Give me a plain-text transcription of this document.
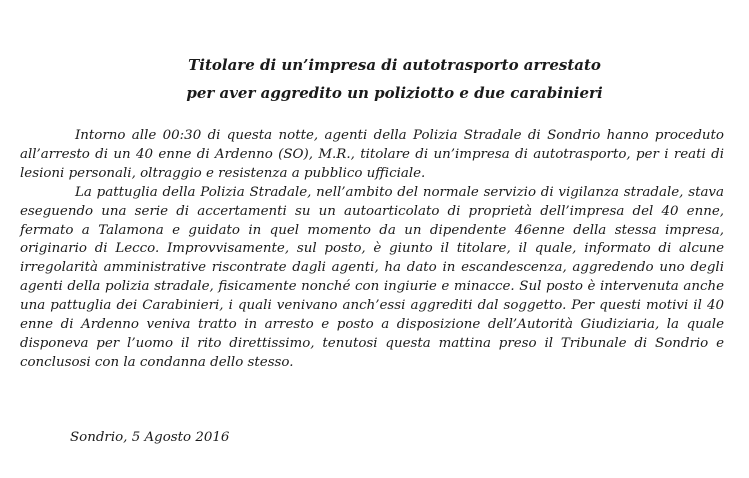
Titolare di un’impresa di autotrasporto arrestato
per aver aggredito un poliziotto e due carabinieri

Intorno alle 00:30 di questa notte, agenti della Polizia Stradale di Sondrio hanno proceduto all’arresto di un 40 enne di Ardenno (SO), M.R., titolare di un’impresa di autotrasporto, per i reati di lesioni personali, oltraggio e resistenza a pubblico ufficiale.

La pattuglia della Polizia Stradale, nell’ambito del normale servizio di vigilanza stradale, stava eseguendo una serie di accertamenti su un autoarticolato di proprietà dell’impresa del 40 enne, fermato a Talamona e guidato in quel momento da un dipendente 46enne della stessa impresa, originario di Lecco. Improvvisamente, sul posto, è giunto il titolare, il quale, informato di alcune irregolarità amministrative riscontrate dagli agenti, ha dato in escandescenza, aggredendo uno degli agenti della polizia stradale, fisicamente nonché con ingiurie e minacce. Sul posto è intervenuta anche una pattuglia dei Carabinieri, i quali venivano anch’essi aggrediti dal soggetto. Per questi motivi il 40 enne di Ardenno veniva tratto in arresto e posto a disposizione dell’Autorità Giudiziaria, la quale disponeva per l’uomo il rito direttissimo, tenutosi questa mattina preso il Tribunale di Sondrio e conclusosi con la condanna dello stesso.

Sondrio, 5 Agosto 2016
